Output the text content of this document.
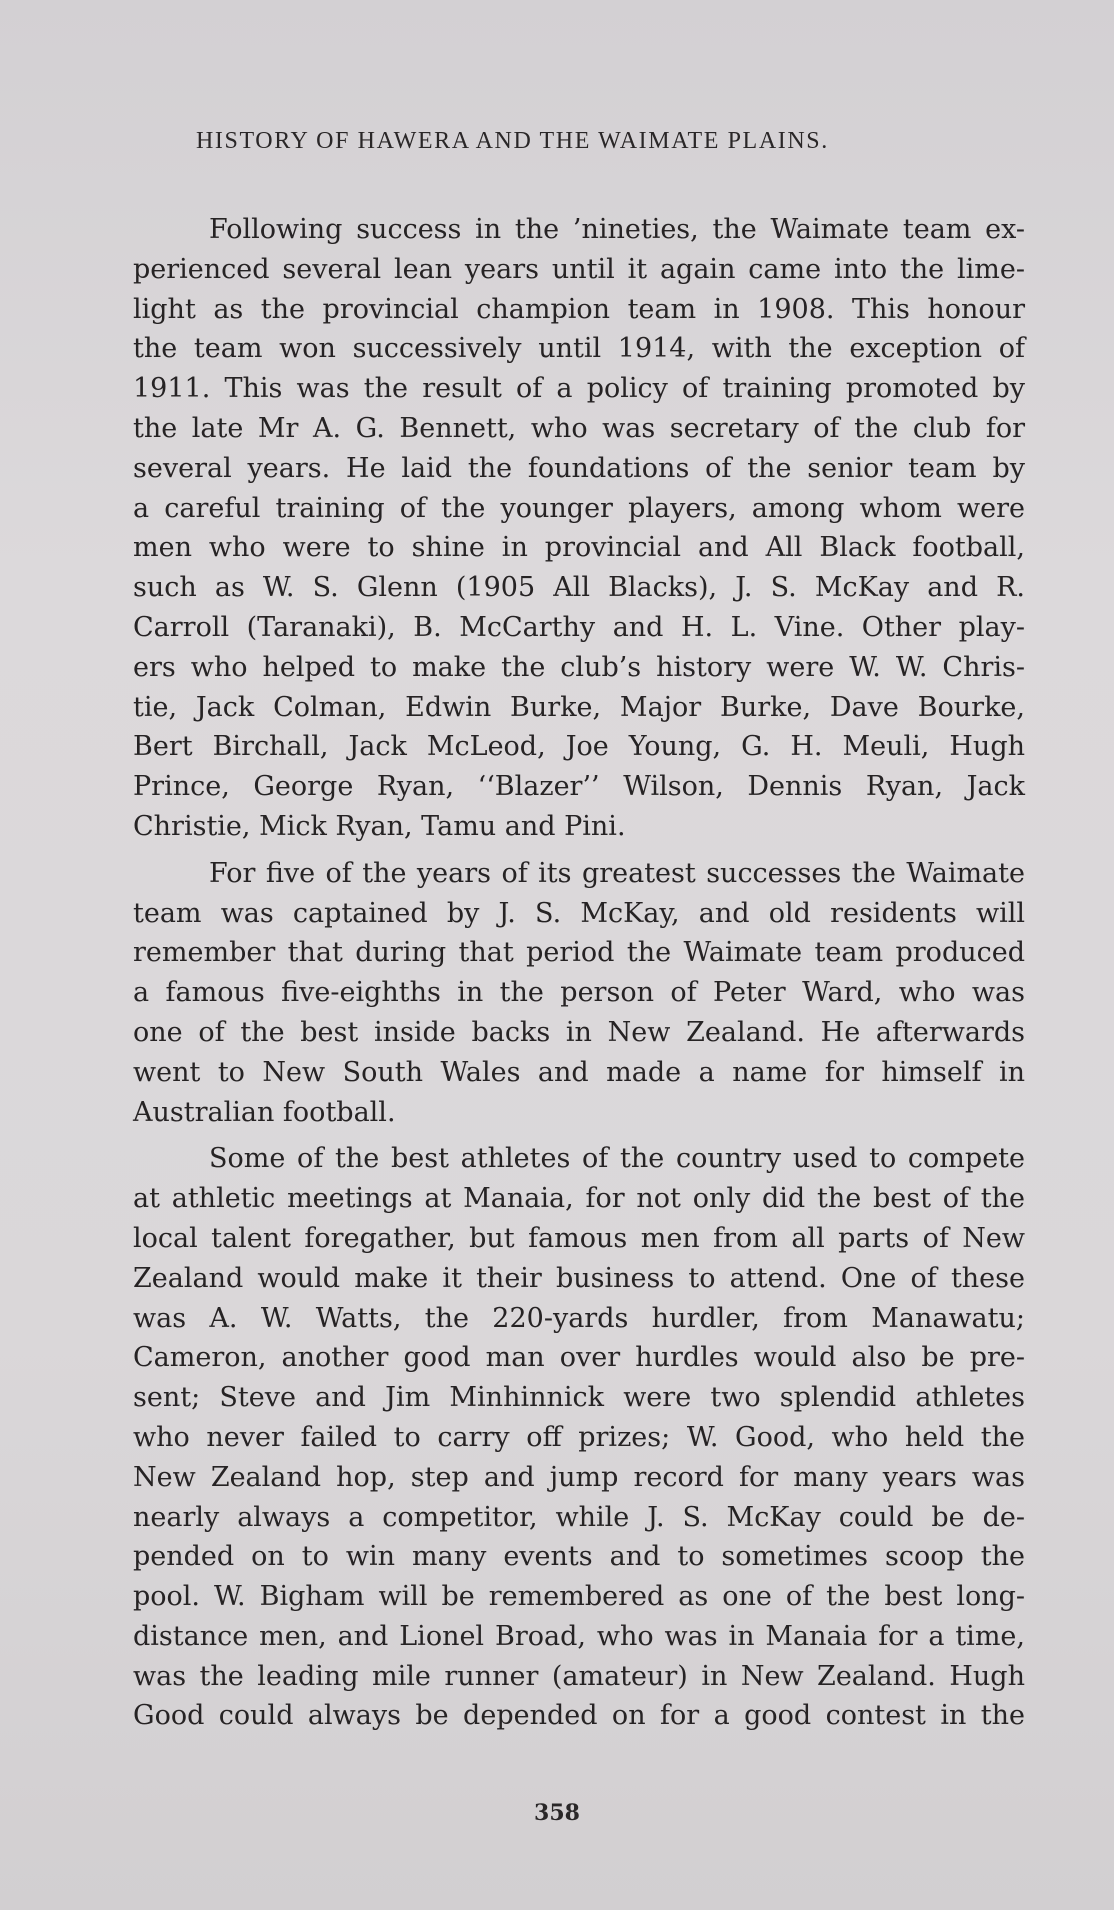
HISTORY OF HAWERA AND THE WAIMATE PLAINS.
Following success in the ’nineties, the Waimate team ex-
perienced several lean years until it again came into the lime-
light as the provincial champion team in 1908. This honour
the team won successively until 1914, with the exception of
1911. This was the result of a policy of training promoted by
the late Mr A. G. Bennett, who was secretary of the club for
several years. He laid the foundations of the senior team by
a careful training of the younger players, among whom were
men who were to shine in provincial and All Black football,
such as W. S. Glenn (1905 All Blacks), J. S. McKay and R.
Carroll (Taranaki), B. McCarthy and H. L. Vine. Other play-
ers who helped to make the club’s history were W. W. Chris-
tie, Jack Colman, Edwin Burke, Major Burke, Dave Bourke,
Bert Birchall, Jack McLeod, Joe Young, G. H. Meuli, Hugh
Prince, George Ryan, ‘‘Blazer’’ Wilson, Dennis Ryan, Jack
Christie, Mick Ryan, Tamu and Pini.
For five of the years of its greatest successes the Waimate
team was captained by J. S. McKay, and old residents will
remember that during that period the Waimate team produced
a famous five-eighths in the person of Peter Ward, who was
one of the best inside backs in New Zealand. He afterwards
went to New South Wales and made a name for himself in
Australian football.
Some of the best athletes of the country used to compete
at athletic meetings at Manaia, for not only did the best of the
local talent foregather, but famous men from all parts of New
Zealand would make it their business to attend. One of these
was A. W. Watts, the 220-yards hurdler, from Manawatu;
Cameron, another good man over hurdles would also be pre-
sent; Steve and Jim Minhinnick were two splendid athletes
who never failed to carry off prizes; W. Good, who held the
New Zealand hop, step and jump record for many years was
nearly always a competitor, while J. S. McKay could be de-
pended on to win many events and to sometimes scoop the
pool. W. Bigham will be remembered as one of the best long-
distance men, and Lionel Broad, who was in Manaia for a time,
was the leading mile runner (amateur) in New Zealand. Hugh
Good could always be depended on for a good contest in the
358
